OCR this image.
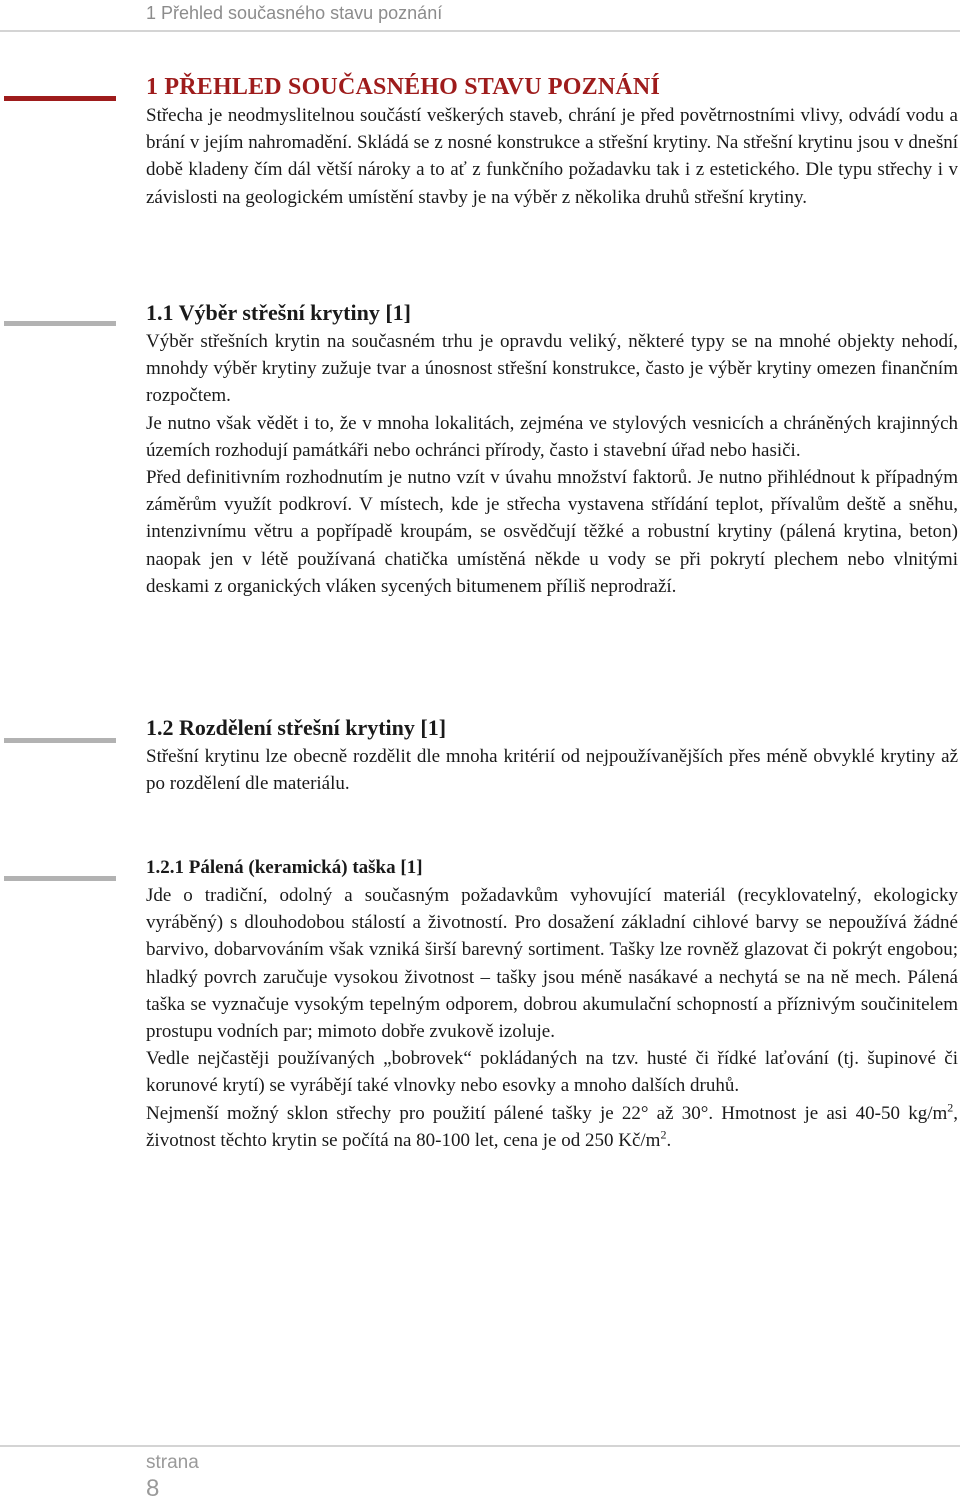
1 Přehled současného stavu poznání
1 PŘEHLED SOUČASNÉHO STAVU POZNÁNÍ

Střecha je neodmyslitelnou součástí veškerých staveb, chrání je před povětrnostními vlivy, odvádí vodu a brání v jejím nahromadění. Skládá se z nosné konstrukce a střešní krytiny. Na střešní krytinu jsou v dnešní době kladeny čím dál větší nároky a to ať z funkčního požadavku tak i z estetického. Dle typu střechy i v závislosti na geologickém umístění stavby je na výběr z několika druhů střešní krytiny.

1.1 Výběr střešní krytiny [1]

Výběr střešních krytin na současném trhu je opravdu veliký, některé typy se na mnohé objekty nehodí, mnohdy výběr krytiny zužuje tvar a únosnost střešní konstrukce, často je výběr krytiny omezen finančním rozpočtem.

Je nutno však vědět i to, že v mnoha lokalitách, zejména ve stylových vesnicích a chráněných krajinných územích rozhodují památkáři nebo ochránci přírody, často i stavební úřad nebo hasiči.

Před definitivním rozhodnutím je nutno vzít v úvahu množství faktorů. Je nutno přihlédnout k případným záměrům využít podkroví. V místech, kde je střecha vystavena střídání teplot, přívalům deště a sněhu, intenzivnímu větru a popřípadě kroupám, se osvědčují těžké a robustní krytiny (pálená krytina, beton) naopak jen v létě používaná chatička umístěná někde u vody se při pokrytí plechem nebo vlnitými deskami z organických vláken sycených bitumenem příliš neprodraží.

1.2 Rozdělení střešní krytiny [1]

Střešní krytinu lze obecně rozdělit dle mnoha kritérií od nejpoužívanějších přes méně obvyklé krytiny až po rozdělení dle materiálu.

1.2.1 Pálená (keramická) taška [1]

Jde o tradiční, odolný a současným požadavkům vyhovující materiál (recyklovatelný, ekologicky vyráběný) s dlouhodobou stálostí a životností. Pro dosažení základní cihlové barvy se nepoužívá žádné barvivo, dobarvováním však vzniká širší barevný sortiment. Tašky lze rovněž glazovat či pokrýt engobou; hladký povrch zaručuje vysokou životnost – tašky jsou méně nasákavé a nechytá se na ně mech. Pálená taška se vyznačuje vysokým tepelným odporem, dobrou akumulační schopností a příznivým součinitelem prostupu vodních par; mimoto dobře zvukově izoluje.

Vedle nejčastěji používaných „bobrovek“ pokládaných na tzv. husté či řídké laťování (tj. šupinové či korunové krytí) se vyrábějí také vlnovky nebo esovky a mnoho dalších druhů.

Nejmenší možný sklon střechy pro použití pálené tašky je 22° až 30°. Hmotnost je asi 40-50 $kg/m^2$, životnost těchto krytin se počítá na 80-100 let, cena je od 250 $Kč/m^2$.

strana
8
